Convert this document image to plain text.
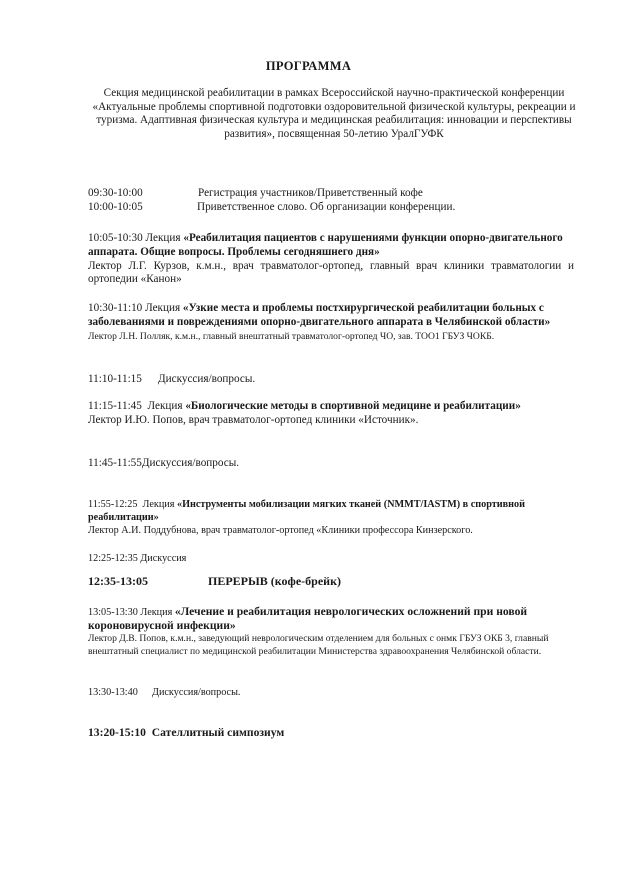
ПРОГРАММА
Секция медицинской реабилитации в рамках Всероссийской научно-практической конференции
«Актуальные проблемы спортивной подготовки оздоровительной физической культуры, рекреации и туризма. Адаптивная физическая культура и медицинская реабилитация: инновации и перспективы развития», посвященная 50-летию УралГУФК
09:30-10:00	Регистрация участников/Приветственный кофе
10:00-10:05	Приветственное слово. Об организации конференции.
10:05-10:30 Лекция «Реабилитация пациентов с нарушениями функции опорно-двигательного аппарата. Общие вопросы. Проблемы сегодняшнего дня»
Лектор Л.Г. Курзов, к.м.н., врач травматолог-ортопед, главный врач клиники травматологии и ортопедии «Канон»
10:30-11:10 Лекция «Узкие места и проблемы постхирургической реабилитации больных с заболеваниями и повреждениями опорно-двигательного аппарата в Челябинской области»
Лектор Л.Н. Полляк, к.м.н., главный внештатный травматолог-ортопед ЧО, зав. ТОО1 ГБУЗ ЧОКБ.
11:10-11:15 Дискуссия/вопросы.
11:15-11:45 Лекция «Биологические методы в спортивной медицине и реабилитации»
Лектор И.Ю. Попов, врач травматолог-ортопед клиники «Источник».
11:45-11:55Дискуссия/вопросы.
11:55-12:25 Лекция «Инструменты мобилизации мягких тканей (NMMT/IASTM) в спортивной реабилитации»
Лектор А.И. Поддубнова, врач травматолог-ортопед «Клиники профессора Кинзерского.
12:25-12:35 Дискуссия
12:35-13:05	ПЕРЕРЫВ (кофе-брейк)
13:05-13:30 Лекция «Лечение и реабилитация неврологических осложнений при новой короновирусной инфекции»
Лектор Д.В. Попов, к.м.н., заведующий неврологическим отделением для больных с онмк ГБУЗ ОКБ 3, главный внештатный специалист по медицинской реабилитации Министерства здравоохранения Челябинской области.
13:30-13:40 Дискуссия/вопросы.
13:20-15:10 Сателлитный симпозиум
